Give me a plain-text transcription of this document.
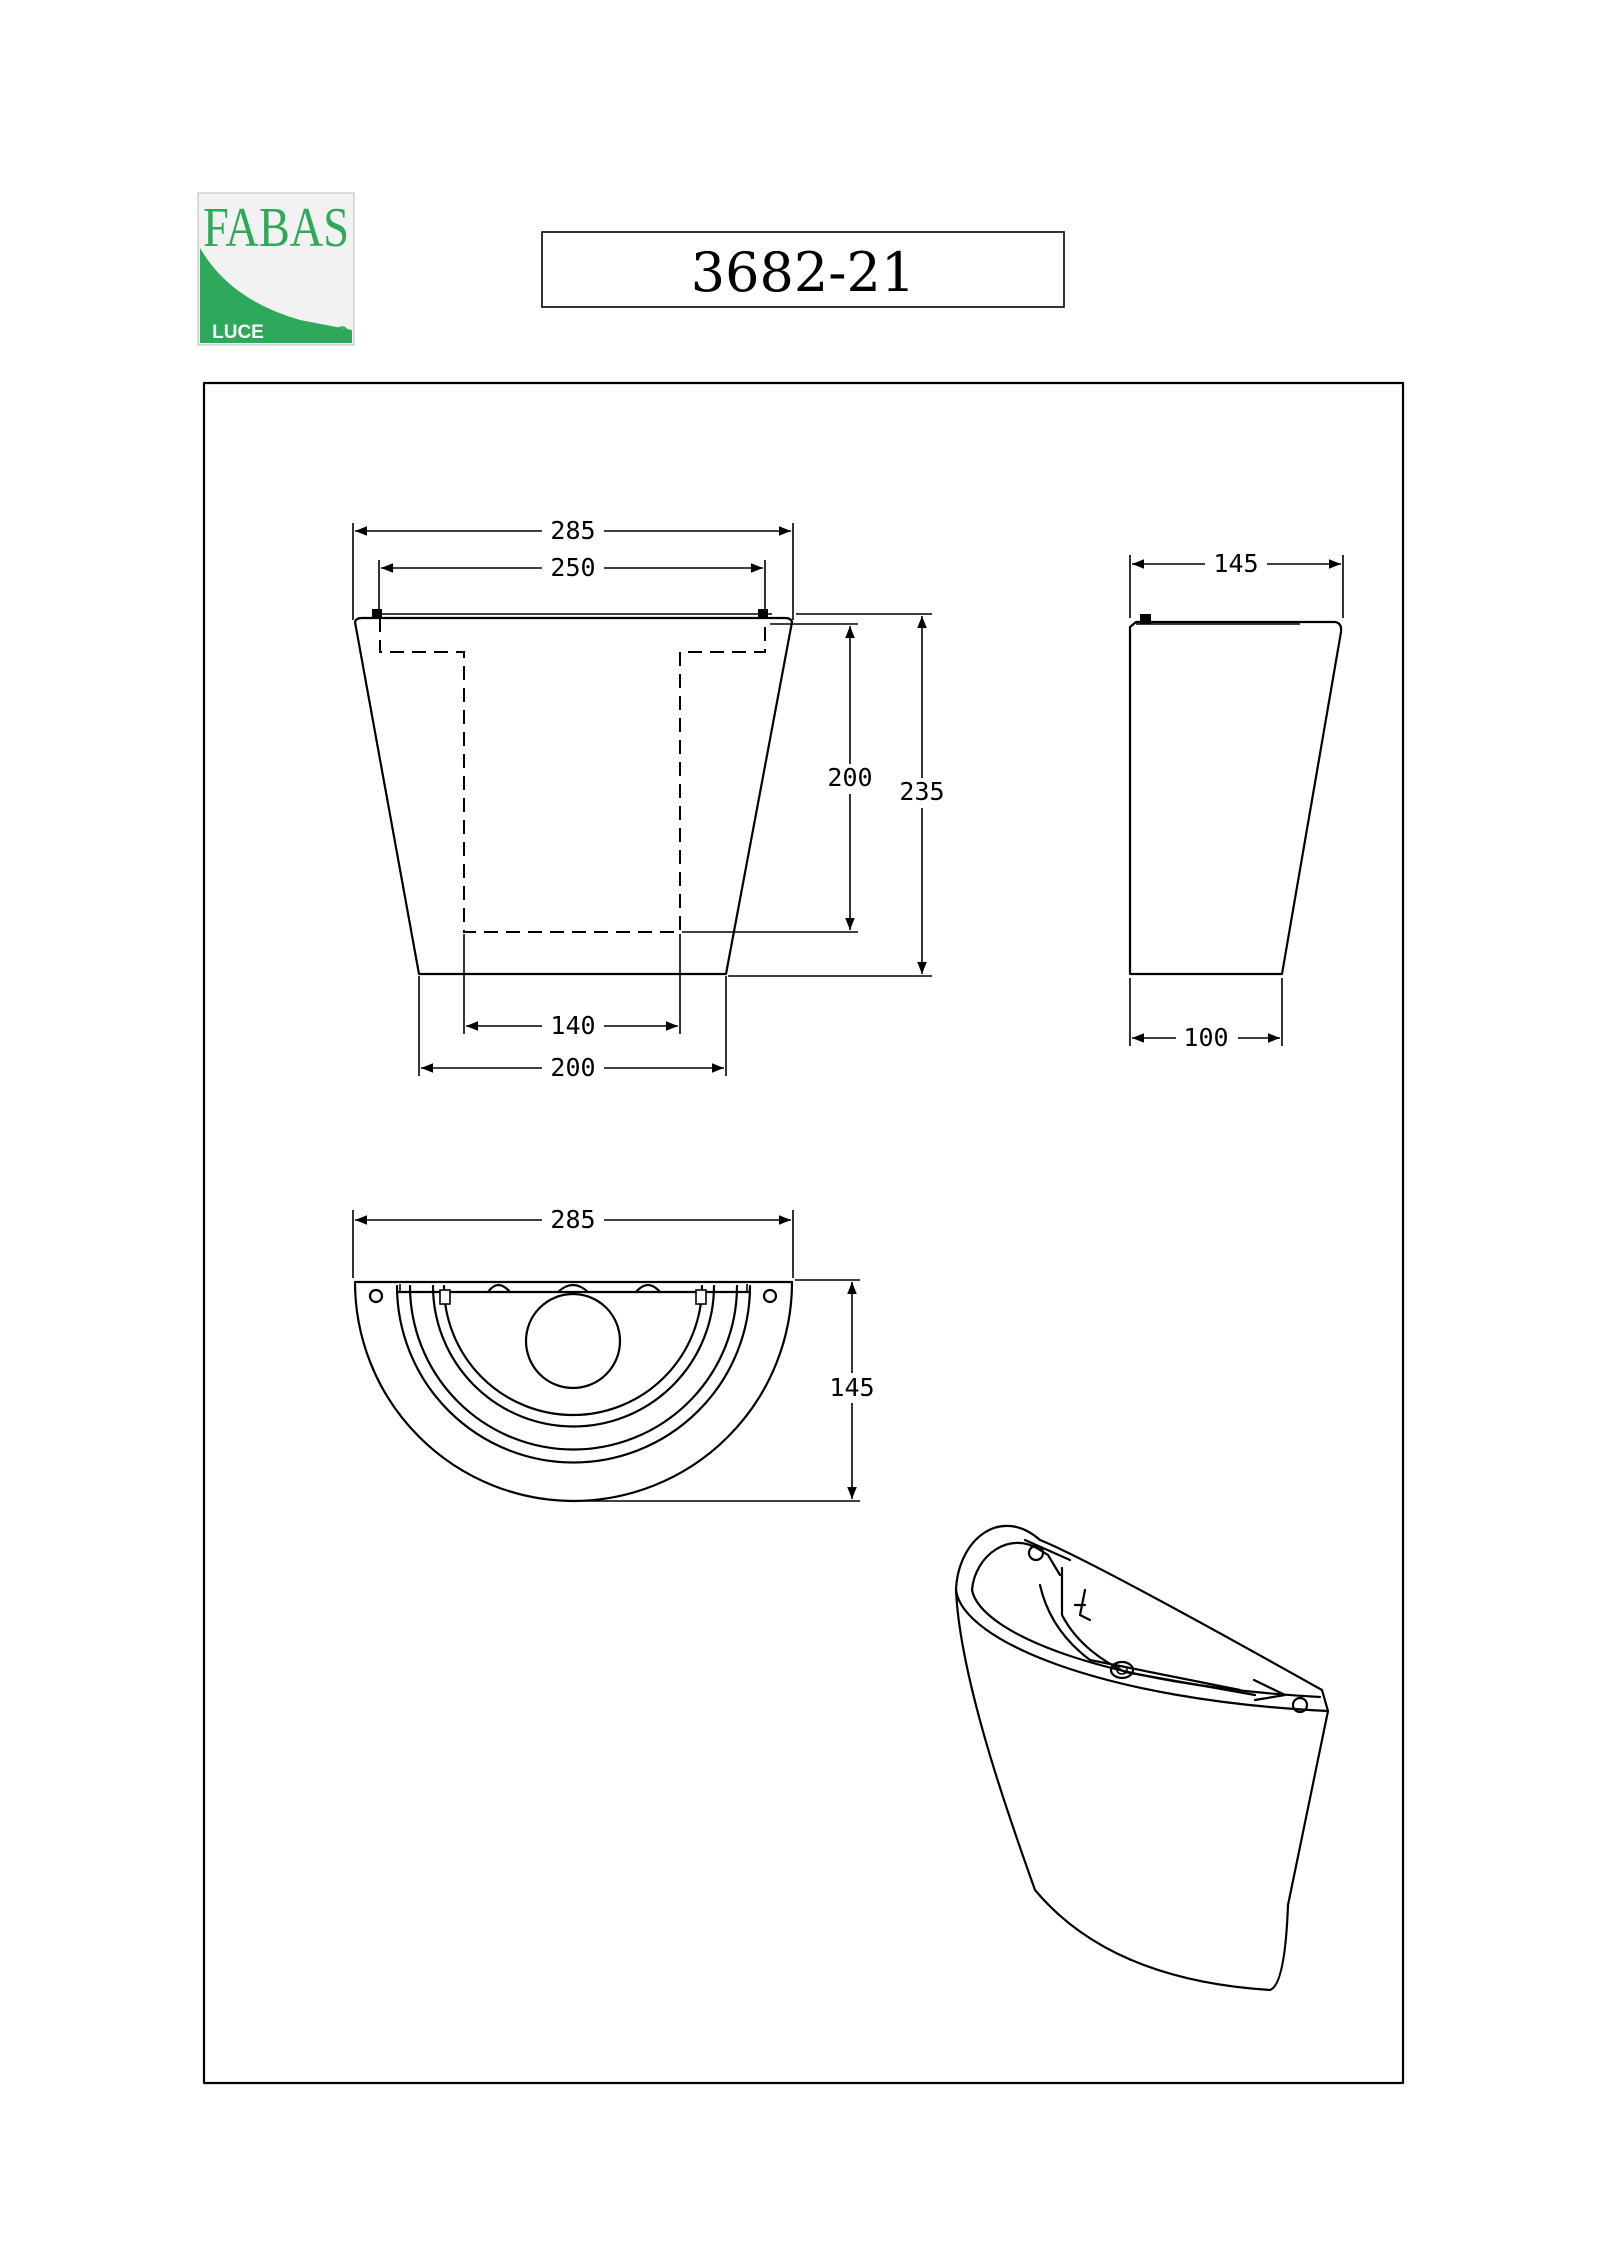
FABAS
LUCE	R
3682-21
285
250
200 235
140
200
145
100
285
145
